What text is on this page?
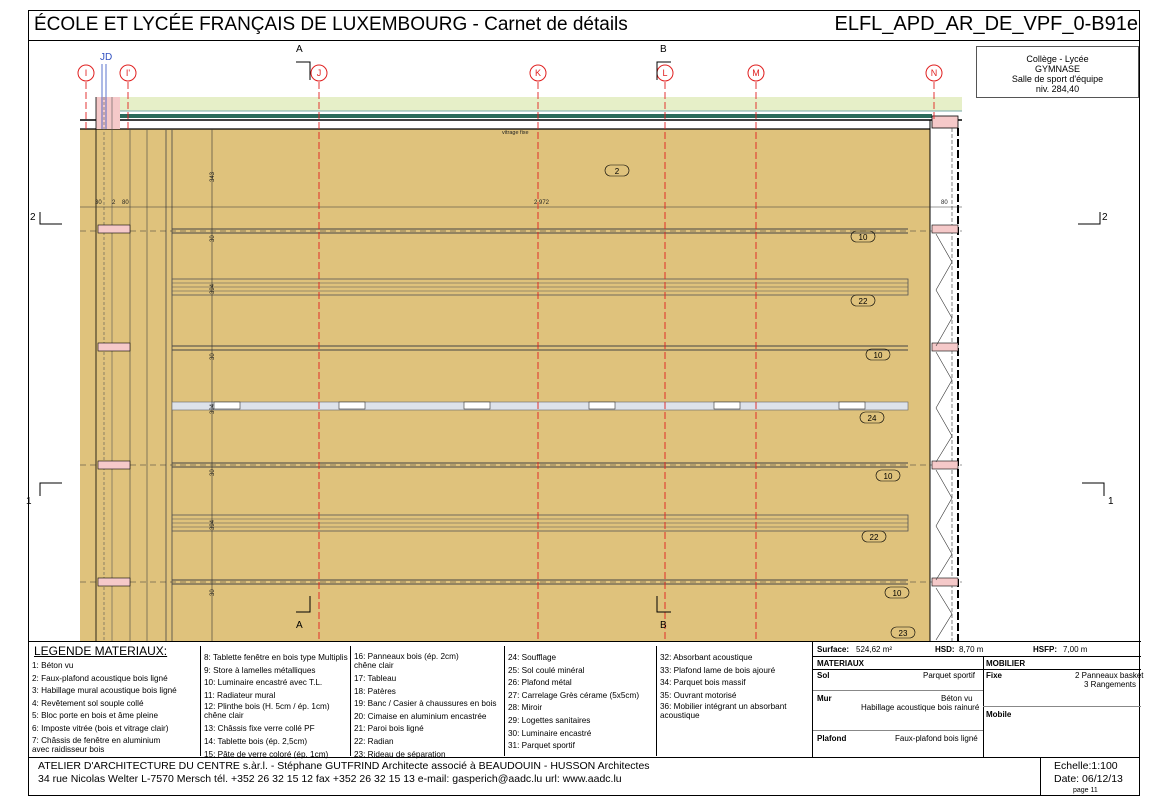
ÉCOLE ET LYCÉE FRANÇAIS DE LUXEMBOURG - Carnet de détails	ELFL_APD_AR_DE_VPF_0-B91e
Collège - Lycée
GYMNASE
Salle de sport d'équipe
niv. 284,40
343
30
394
30
394
30
394
30
2 972
30 2 80	80
vitrage fixe
I	I'	J	K	L	M	N
JD
A
A
B
B
2	2
1	1
2
10
22
10
24
10
22
10
23
LEGENDE MATERIAUX:
1: Béton vu
2: Faux-plafond acoustique bois ligné
3: Habillage mural acoustique bois ligné
4: Revêtement sol souple collé
5: Bloc porte en bois et âme pleine
6: Imposte vitrée (bois et vitrage clair)
7: Châssis de fenêtre en aluminium
avec raidisseur bois
8: Tablette fenêtre en bois type Multiplis
9: Store à lamelles métalliques
10: Luminaire encastré avec T.L.
11: Radiateur mural
12: Plinthe bois (H. 5cm / ép. 1cm)
chêne clair
13: Châssis fixe verre collé PF
14: Tablette bois (ép. 2,5cm)
15: Pâte de verre coloré (ép. 1cm)
16: Panneaux bois (ép. 2cm)
chêne clair
17: Tableau
18: Patères
19: Banc / Casier à chaussures en bois
20: Cimaise en aluminium encastrée
21: Paroi bois ligné
22: Radian
23: Rideau de séparation
24: Soufflage
25: Sol coulé minéral
26: Plafond métal
27: Carrelage Grès cérame (5x5cm)
28: Miroir
29: Logettes sanitaires
30: Luminaire encastré
31: Parquet sportif
32: Absorbant acoustique
33: Plafond lame de bois ajouré
34: Parquet bois massif
35: Ouvrant motorisé
36: Mobilier intégrant un absorbant
acoustique
Surface: 524,62 m²	HSD: 8,70 m	HSFP: 7,00 m
MATERIAUX	MOBILIER
Sol	Parquet sportif
Mur	Béton vu
Habillage acoustique bois rainuré
Plafond	Faux-plafond bois ligné
Fixe	2 Panneaux basket
3 Rangements
Mobile
ATELIER D'ARCHITECTURE DU CENTRE s.àr.l. - Stéphane GUTFRIND Architecte associé à BEAUDOUIN - HUSSON Architectes
34 rue Nicolas Welter L-7570 Mersch tél. +352 26 32 15 12 fax +352 26 32 15 13 e-mail: gasperich@aadc.lu url: www.aadc.lu
Echelle:1:100
Date: 06/12/13
page 11
